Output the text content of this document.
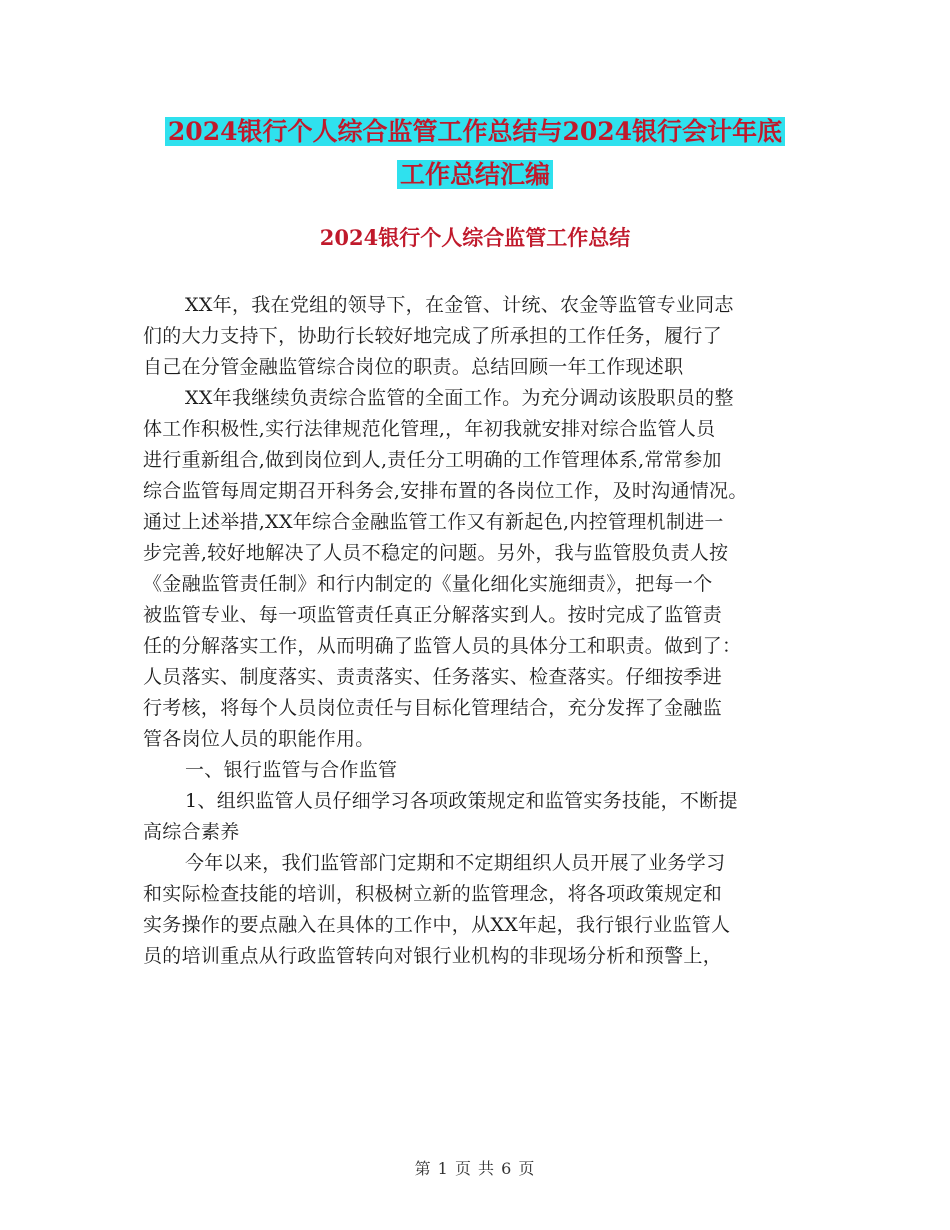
2024银行个人综合监管工作总结与2024银行会计年底
工作总结汇编
2024银行个人综合监管工作总结
XX年，我在党组的领导下，在金管、计统、农金等监管专业同志
们的大力支持下，协助行长较好地完成了所承担的工作任务，履行了
自己在分管金融监管综合岗位的职责。总结回顾一年工作现述职
XX年我继续负责综合监管的全面工作。为充分调动该股职员的整
体工作积极性,实行法律规范化管理,，年初我就安排对综合监管人员
进行重新组合,做到岗位到人,责任分工明确的工作管理体系,常常参加
综合监管每周定期召开科务会,安排布置的各岗位工作，及时沟通情况。
通过上述举措,XX年综合金融监管工作又有新起色,内控管理机制进一
步完善,较好地解决了人员不稳定的问题。另外，我与监管股负责人按
《金融监管责任制》和行内制定的《量化细化实施细责》，把每一个
被监管专业、每一项监管责任真正分解落实到人。按时完成了监管责
任的分解落实工作，从而明确了监管人员的具体分工和职责。做到了：
人员落实、制度落实、责责落实、任务落实、检查落实。仔细按季进
行考核，将每个人员岗位责任与目标化管理结合，充分发挥了金融监
管各岗位人员的职能作用。
一、银行监管与合作监管
1、组织监管人员仔细学习各项政策规定和监管实务技能，不断提
高综合素养
今年以来，我们监管部门定期和不定期组织人员开展了业务学习
和实际检查技能的培训，积极树立新的监管理念，将各项政策规定和
实务操作的要点融入在具体的工作中，从XX年起，我行银行业监管人
员的培训重点从行政监管转向对银行业机构的非现场分析和预警上，
第 1 页 共 6 页
